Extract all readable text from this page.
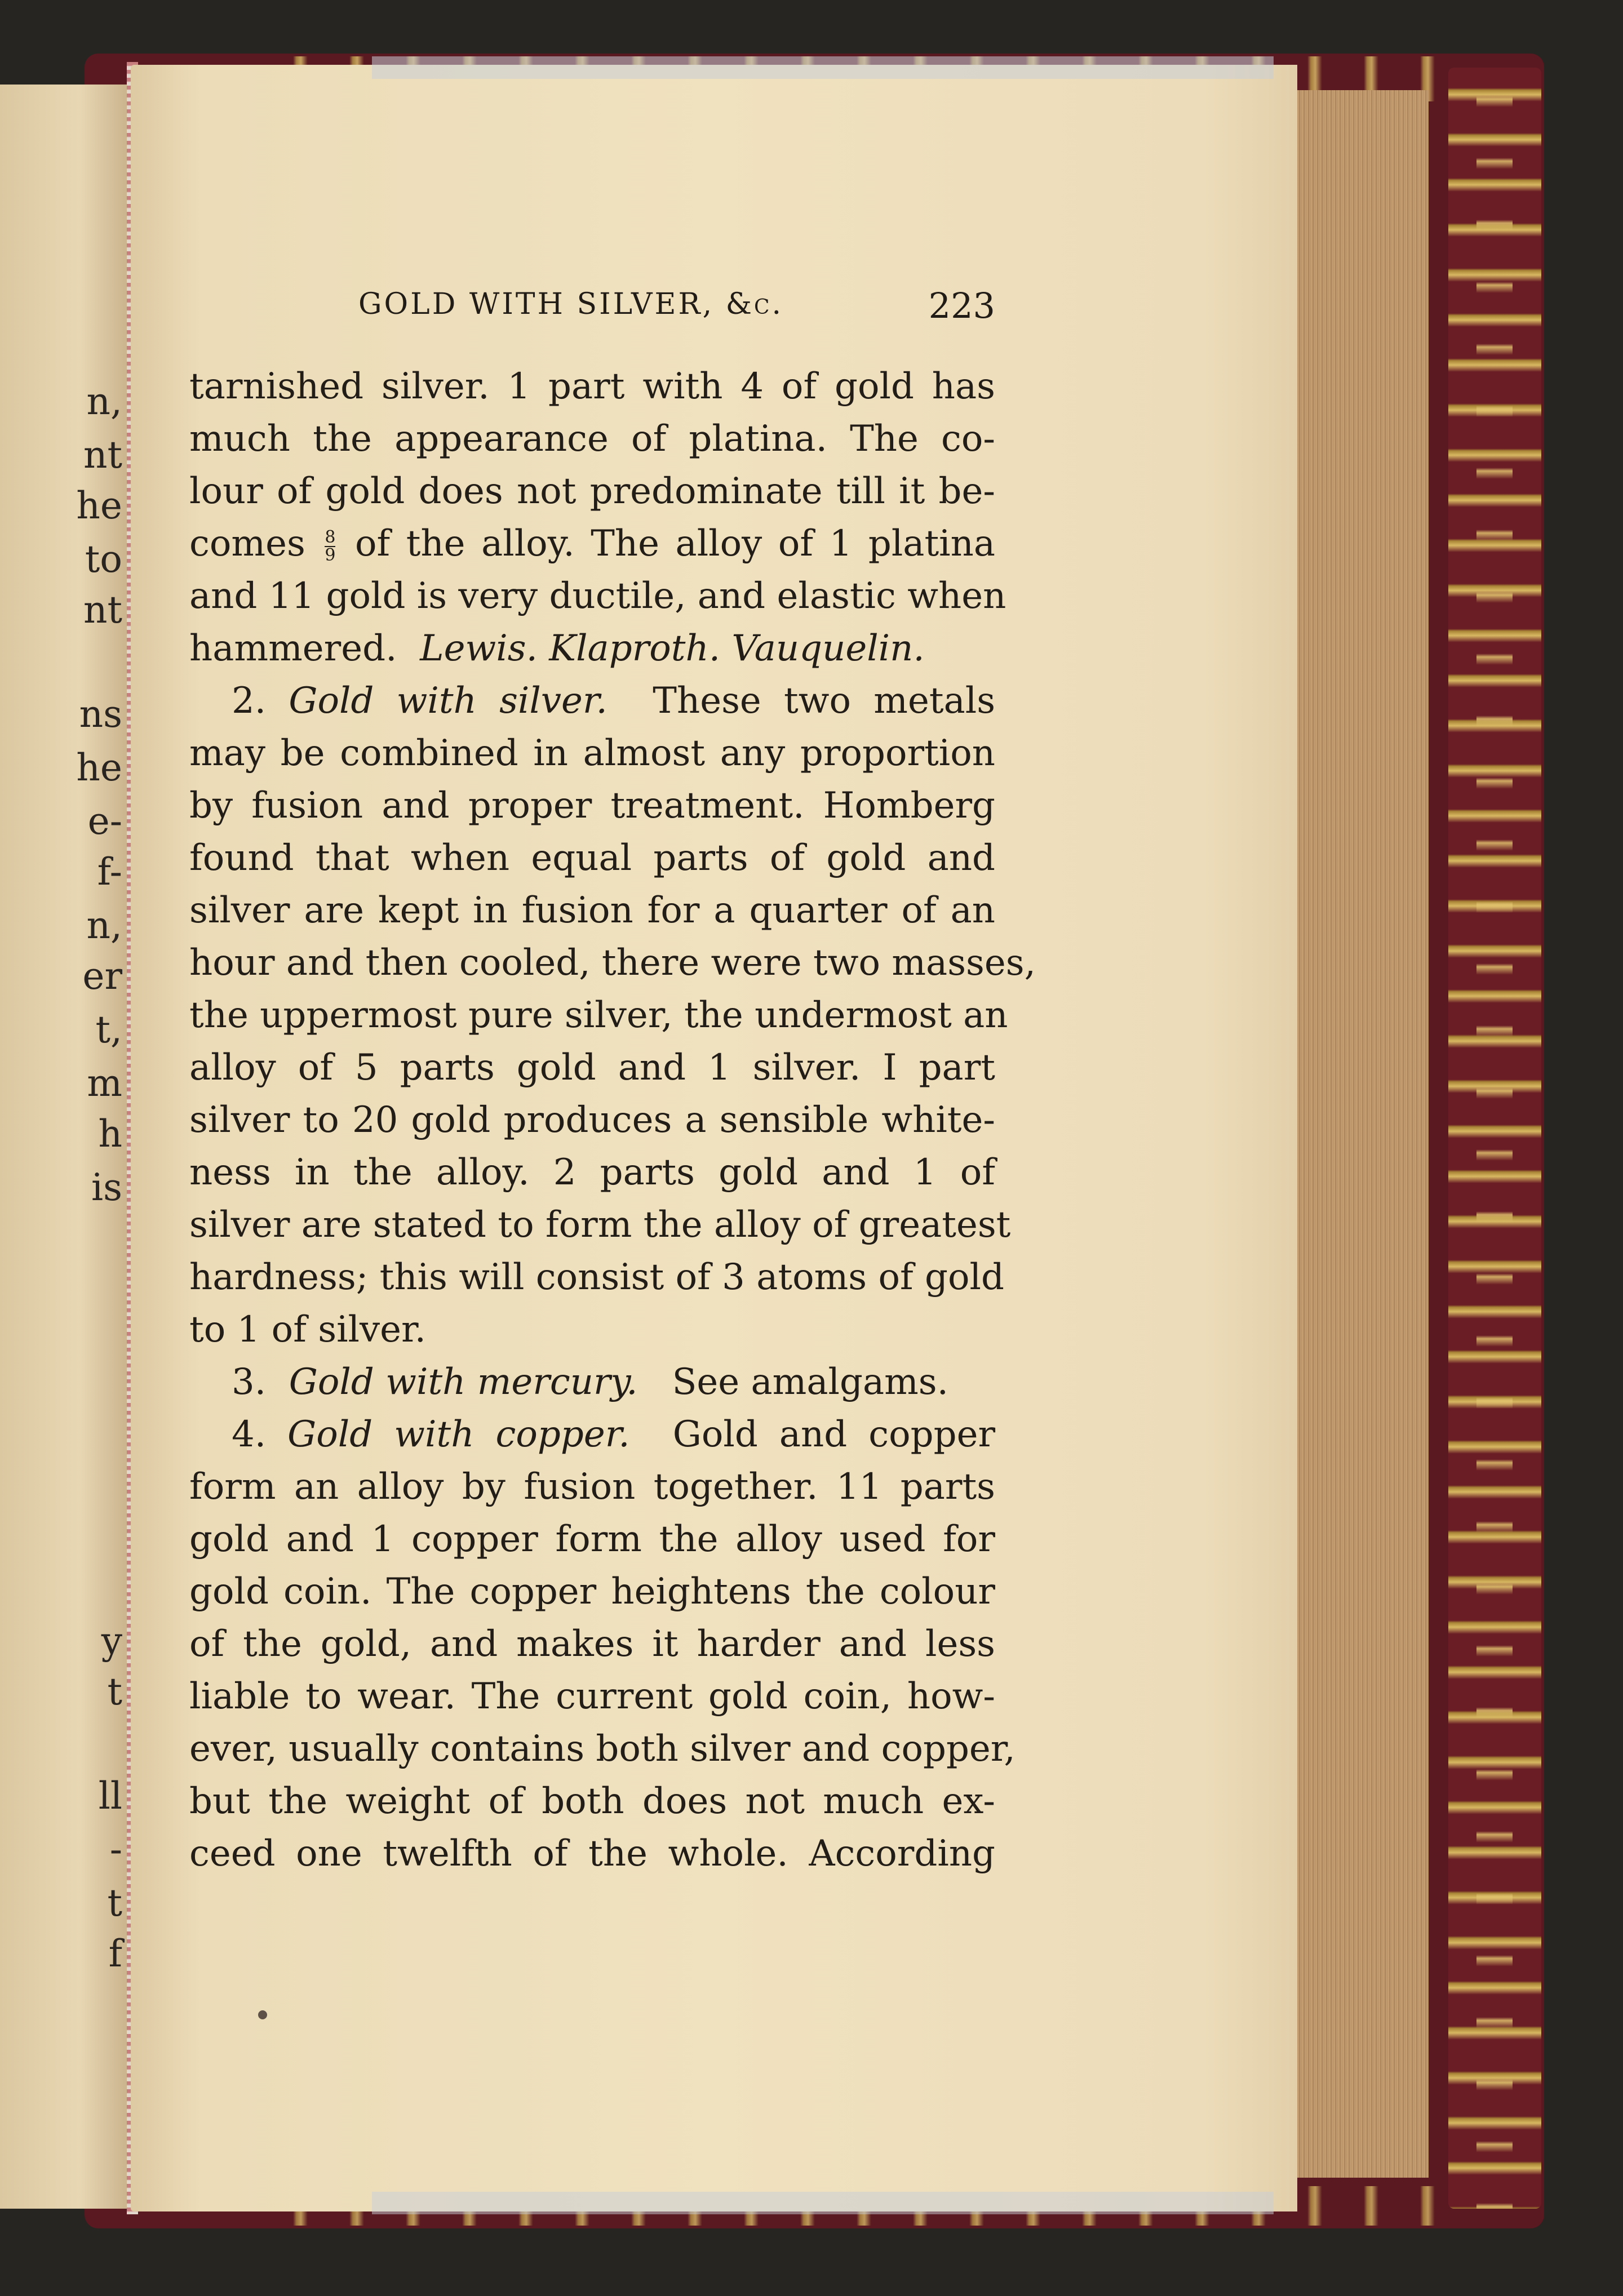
n,
nt
he
to
nt
ns
he
e-
f-
n,
er
t,
m
h
is
y
t
ll
-
t
f
GOLD WITH SILVER, &c.	223
tarnished silver. 1 part with 4 of gold has
much the appearance of platina. The co-
lour of gold does not predominate till it be-
comes $\frac{8}{9}$ of the alloy. The alloy of 1 platina
and 11 gold is very ductile, and elastic when
hammered. Lewis. Klaproth. Vauquelin.
2. Gold with silver. These two metals
may be combined in almost any proportion
by fusion and proper treatment. Homberg
found that when equal parts of gold and
silver are kept in fusion for a quarter of an
hour and then cooled, there were two masses,
the uppermost pure silver, the undermost an
alloy of 5 parts gold and 1 silver. I part
silver to 20 gold produces a sensible white-
ness in the alloy. 2 parts gold and 1 of
silver are stated to form the alloy of greatest
hardness; this will consist of 3 atoms of gold
to 1 of silver.
3. Gold with mercury. See amalgams.
4. Gold with copper. Gold and copper
form an alloy by fusion together. 11 parts
gold and 1 copper form the alloy used for
gold coin. The copper heightens the colour
of the gold, and makes it harder and less
liable to wear. The current gold coin, how-
ever, usually contains both silver and copper,
but the weight of both does not much ex-
ceed one twelfth of the whole. According
